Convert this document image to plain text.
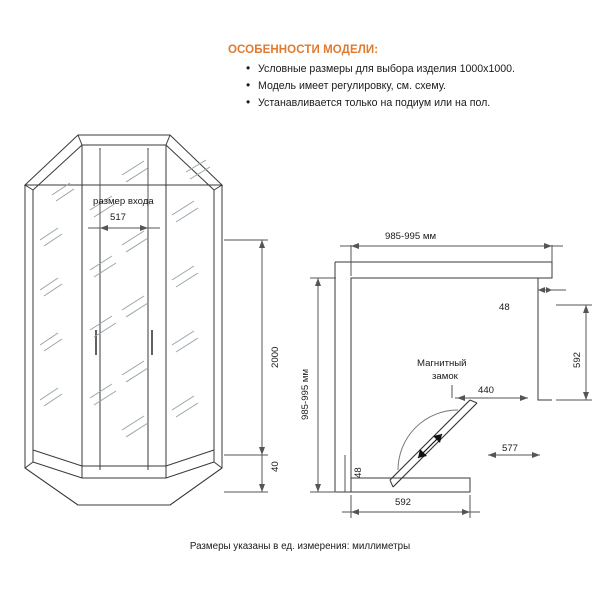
ОСОБЕННОСТИ МОДЕЛИ:
• Условные размеры для выбора изделия 1000x1000.
• Модель имеет регулировку, см. схему.
• Устанавливается только на подиум или на пол.
размер входа
517
2000
40
985-995 мм
985-995 мм
48
592
Магнитный
замок
440
577
48
592
Размеры указаны в ед. измерения: миллиметры
